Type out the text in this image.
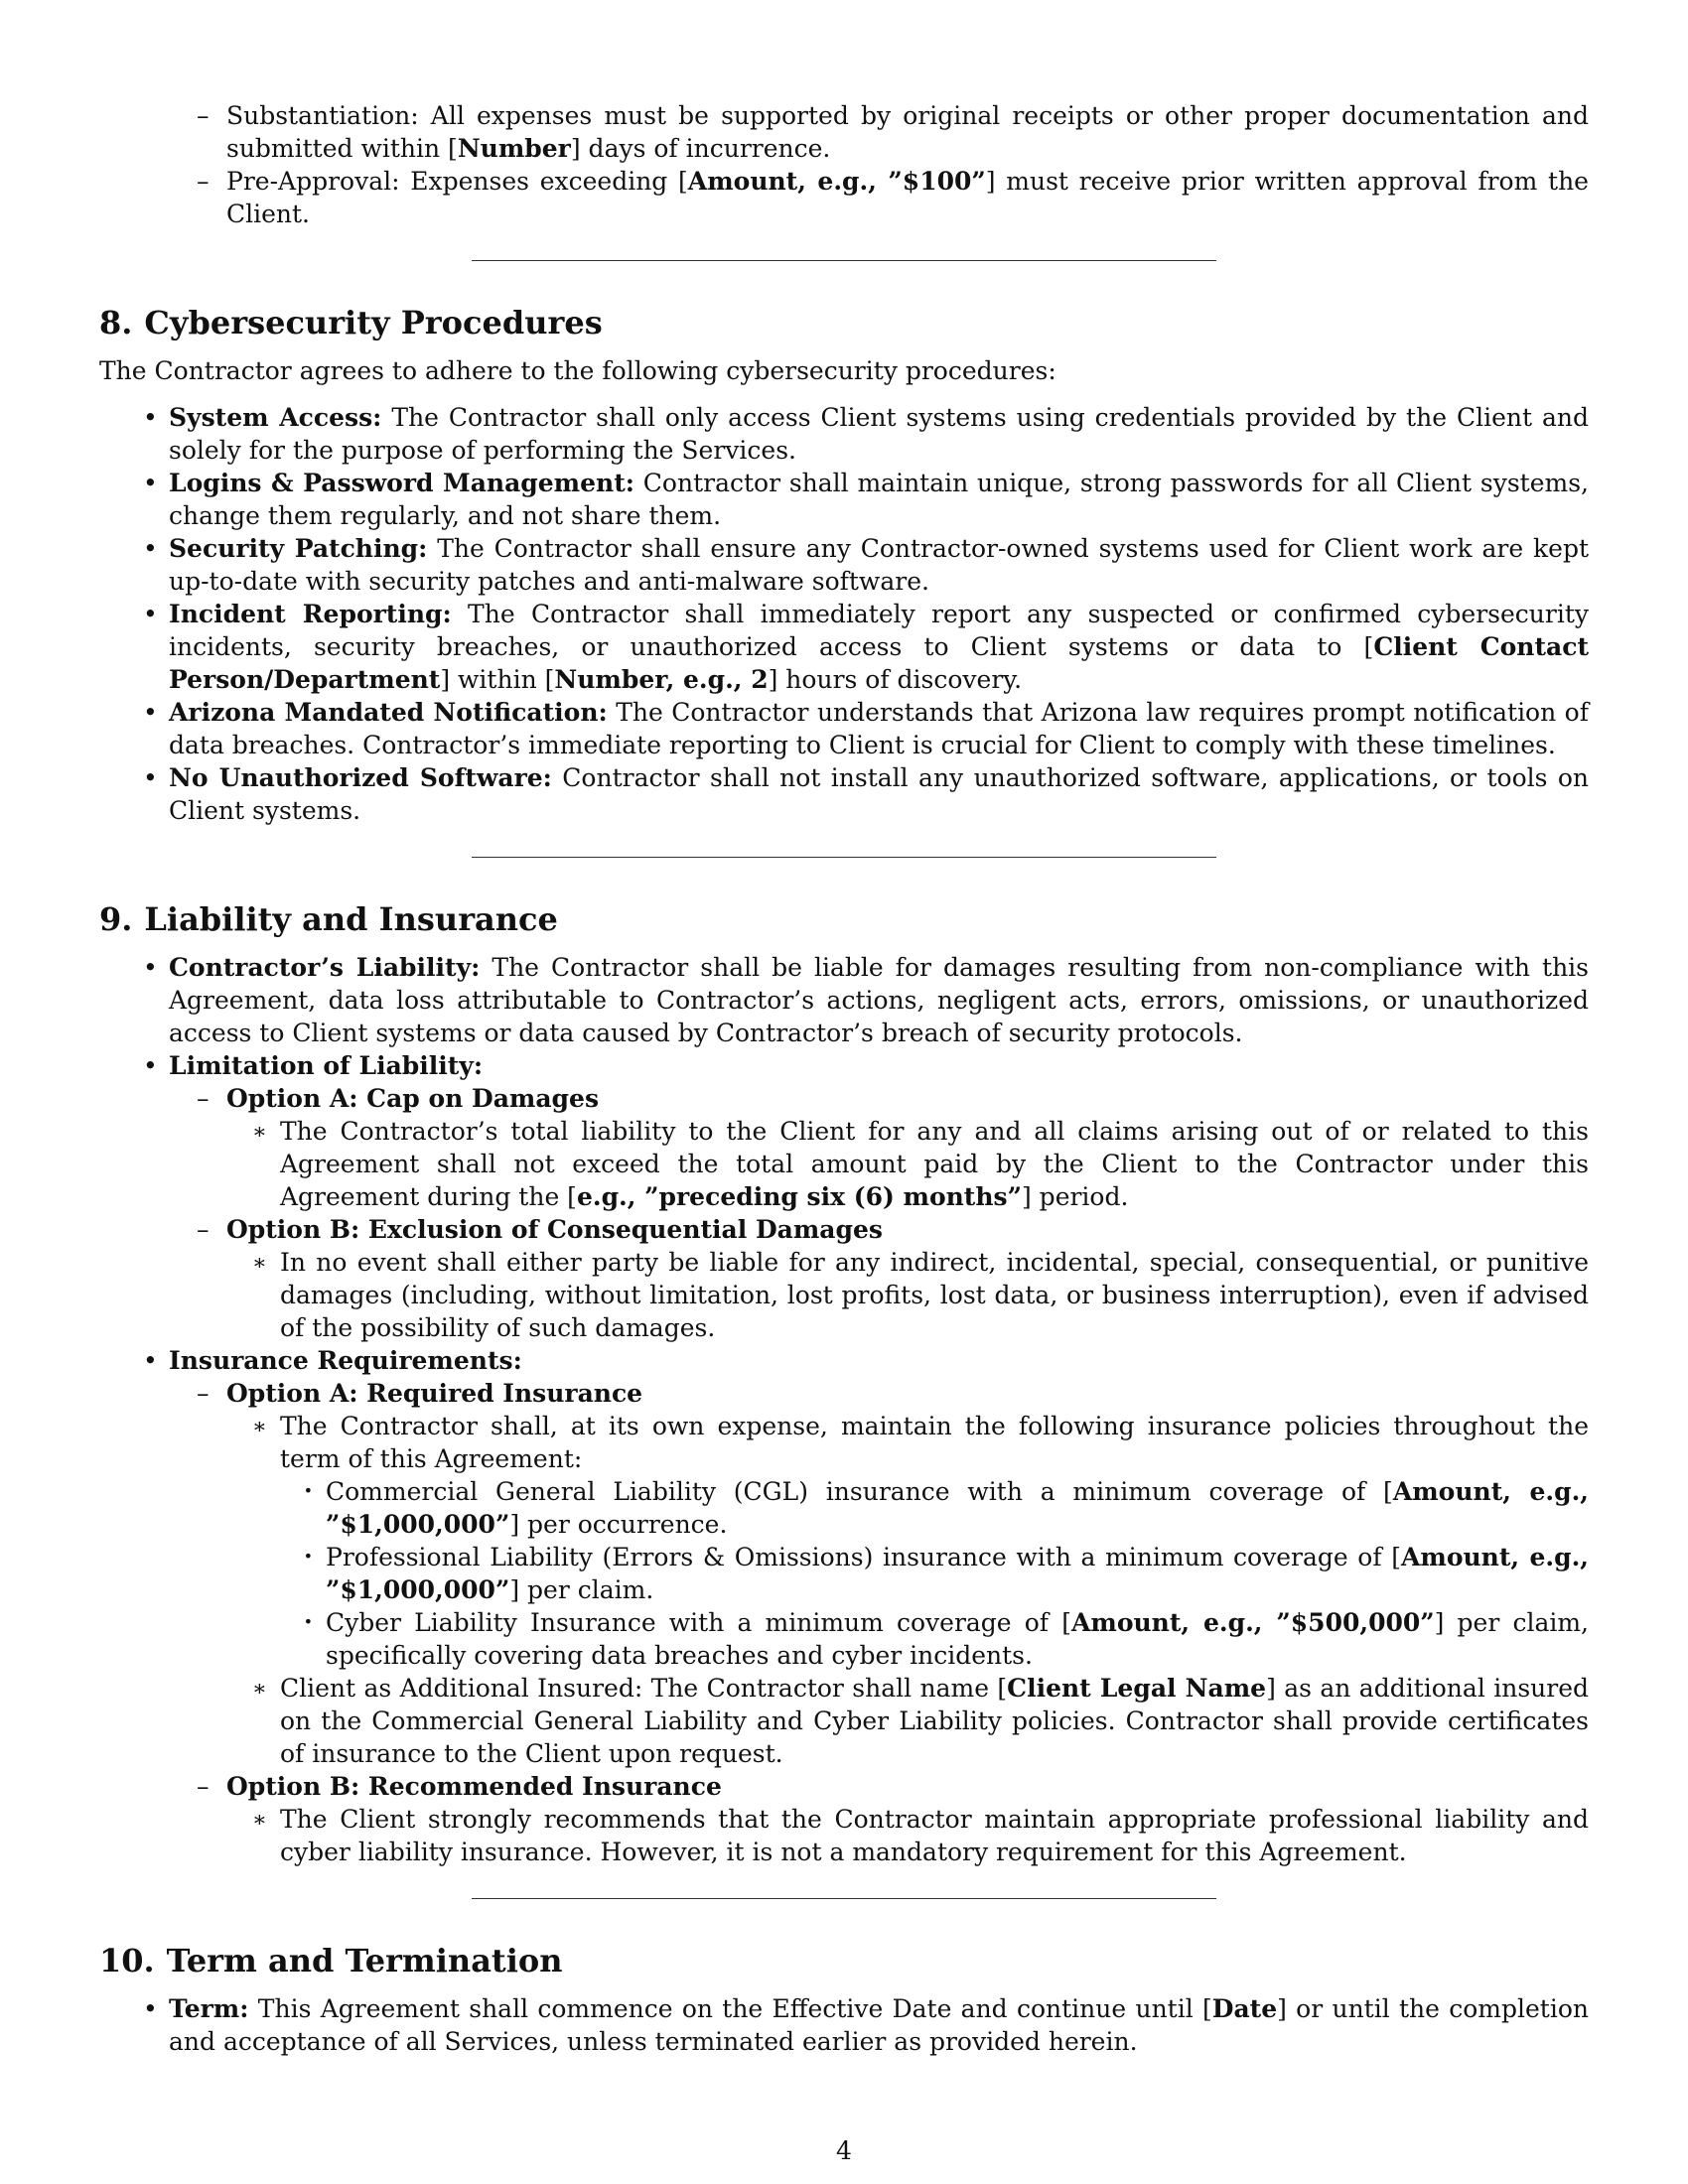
– Substantiation: All expenses must be supported by original receipts or other proper documentation and submitted within [Number] days of incurrence.
– Pre-Approval: Expenses exceeding [Amount, e.g., ”$100”] must receive prior written approval from the Client.
8. Cybersecurity Procedures

The Contractor agrees to adhere to the following cybersecurity procedures:

• System Access: The Contractor shall only access Client systems using credentials provided by the Client and solely for the purpose of performing the Services.
• Logins & Password Management: Contractor shall maintain unique, strong passwords for all Client systems, change them regularly, and not share them.
• Security Patching: The Contractor shall ensure any Contractor-owned systems used for Client work are kept up-to-date with security patches and anti-malware software.
• Incident Reporting: The Contractor shall immediately report any suspected or confirmed cybersecurity incidents, security breaches, or unauthorized access to Client systems or data to [Client Contact Person/Department] within [Number, e.g., 2] hours of discovery.
• Arizona Mandated Notification: The Contractor understands that Arizona law requires prompt notification of data breaches. Contractor’s immediate reporting to Client is crucial for Client to comply with these timelines.
• No Unauthorized Software: Contractor shall not install any unauthorized software, applications, or tools on Client systems.
9. Liability and Insurance
• Contractor’s Liability: The Contractor shall be liable for damages resulting from non-compliance with this Agreement, data loss attributable to Contractor’s actions, negligent acts, errors, omissions, or unauthorized access to Client systems or data caused by Contractor’s breach of security protocols.
• Limitation of Liability:
– Option A: Cap on Damages
∗ The Contractor’s total liability to the Client for any and all claims arising out of or related to this Agreement shall not exceed the total amount paid by the Client to the Contractor under this Agreement during the [e.g., ”preceding six (6) months”] period.
– Option B: Exclusion of Consequential Damages
∗ In no event shall either party be liable for any indirect, incidental, special, consequential, or punitive damages (including, without limitation, lost profits, lost data, or business interruption), even if advised of the possibility of such damages.
• Insurance Requirements:
– Option A: Required Insurance
∗ The Contractor shall, at its own expense, maintain the following insurance policies throughout the term of this Agreement:
· Commercial General Liability (CGL) insurance with a minimum coverage of [Amount, e.g., ”$1,000,000”] per occurrence.
· Professional Liability (Errors & Omissions) insurance with a minimum coverage of [Amount, e.g., ”$1,000,000”] per claim.
· Cyber Liability Insurance with a minimum coverage of [Amount, e.g., ”$500,000”] per claim, specifically covering data breaches and cyber incidents.
∗ Client as Additional Insured: The Contractor shall name [Client Legal Name] as an additional insured on the Commercial General Liability and Cyber Liability policies. Contractor shall provide certificates of insurance to the Client upon request.
– Option B: Recommended Insurance
∗ The Client strongly recommends that the Contractor maintain appropriate professional liability and cyber liability insurance. However, it is not a mandatory requirement for this Agreement.
10. Term and Termination
• Term: This Agreement shall commence on the Effective Date and continue until [Date] or until the completion and acceptance of all Services, unless terminated earlier as provided herein.
4
